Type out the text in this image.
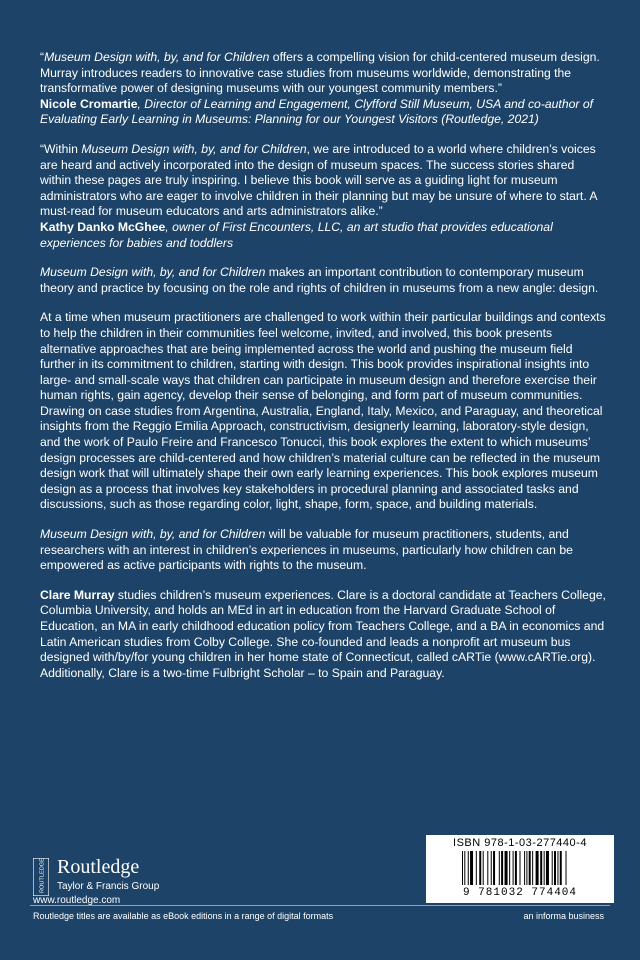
“Museum Design with, by, and for Children offers a compelling vision for child-centered museum design. Murray introduces readers to innovative case studies from museums worldwide, demonstrating the transformative power of designing museums with our youngest community members.”
Nicole Cromartie, Director of Learning and Engagement, Clyfford Still Museum, USA and co-author of
Evaluating Early Learning in Museums: Planning for our Youngest Visitors (Routledge, 2021)

“Within Museum Design with, by, and for Children, we are introduced to a world where children’s voices are heard and actively incorporated into the design of museum spaces. The success stories shared within these pages are truly inspiring. I believe this book will serve as a guiding light for museum administrators who are eager to involve children in their planning but may be unsure of where to start. A must-read for museum educators and arts administrators alike.”
Kathy Danko McGhee, owner of First Encounters, LLC, an art studio that provides educational experiences for babies and toddlers

Museum Design with, by, and for Children makes an important contribution to contemporary museum theory and practice by focusing on the role and rights of children in museums from a new angle: design.

At a time when museum practitioners are challenged to work within their particular buildings and contexts to help the children in their communities feel welcome, invited, and involved, this book presents alternative approaches that are being implemented across the world and pushing the museum field further in its commitment to children, starting with design. This book provides inspirational insights into large- and small-scale ways that children can participate in museum design and therefore exercise their human rights, gain agency, develop their sense of belonging, and form part of museum communities. Drawing on case studies from Argentina, Australia, England, Italy, Mexico, and Paraguay, and theoretical insights from the Reggio Emilia Approach, constructivism, designerly learning, laboratory-style design, and the work of Paulo Freire and Francesco Tonucci, this book explores the extent to which museums’ design processes are child-centered and how children’s material culture can be reflected in the museum design work that will ultimately shape their own early learning experiences. This book explores museum design as a process that involves key stakeholders in procedural planning and associated tasks and discussions, such as those regarding color, light, shape, form, space, and building materials.

Museum Design with, by, and for Children will be valuable for museum practitioners, students, and researchers with an interest in children’s experiences in museums, particularly how children can be empowered as active participants with rights to the museum.

Clare Murray studies children’s museum experiences. Clare is a doctoral candidate at Teachers College, Columbia University, and holds an MEd in art in education from the Harvard Graduate School of Education, an MA in early childhood education policy from Teachers College, and a BA in economics and Latin American studies from Colby College. She co-founded and leads a nonprofit art museum bus designed with/by/for young children in her home state of Connecticut, called cARTie (www.cARTie.org). Additionally, Clare is a two-time Fulbright Scholar – to Spain and Paraguay.

ROUTLEDGE Routledge
Taylor & Francis Group
www.routledge.com
ISBN 978-1-03-277440-4
9 781032 774404
Routledge titles are available as eBook editions in a range of digital formats	an informa business
